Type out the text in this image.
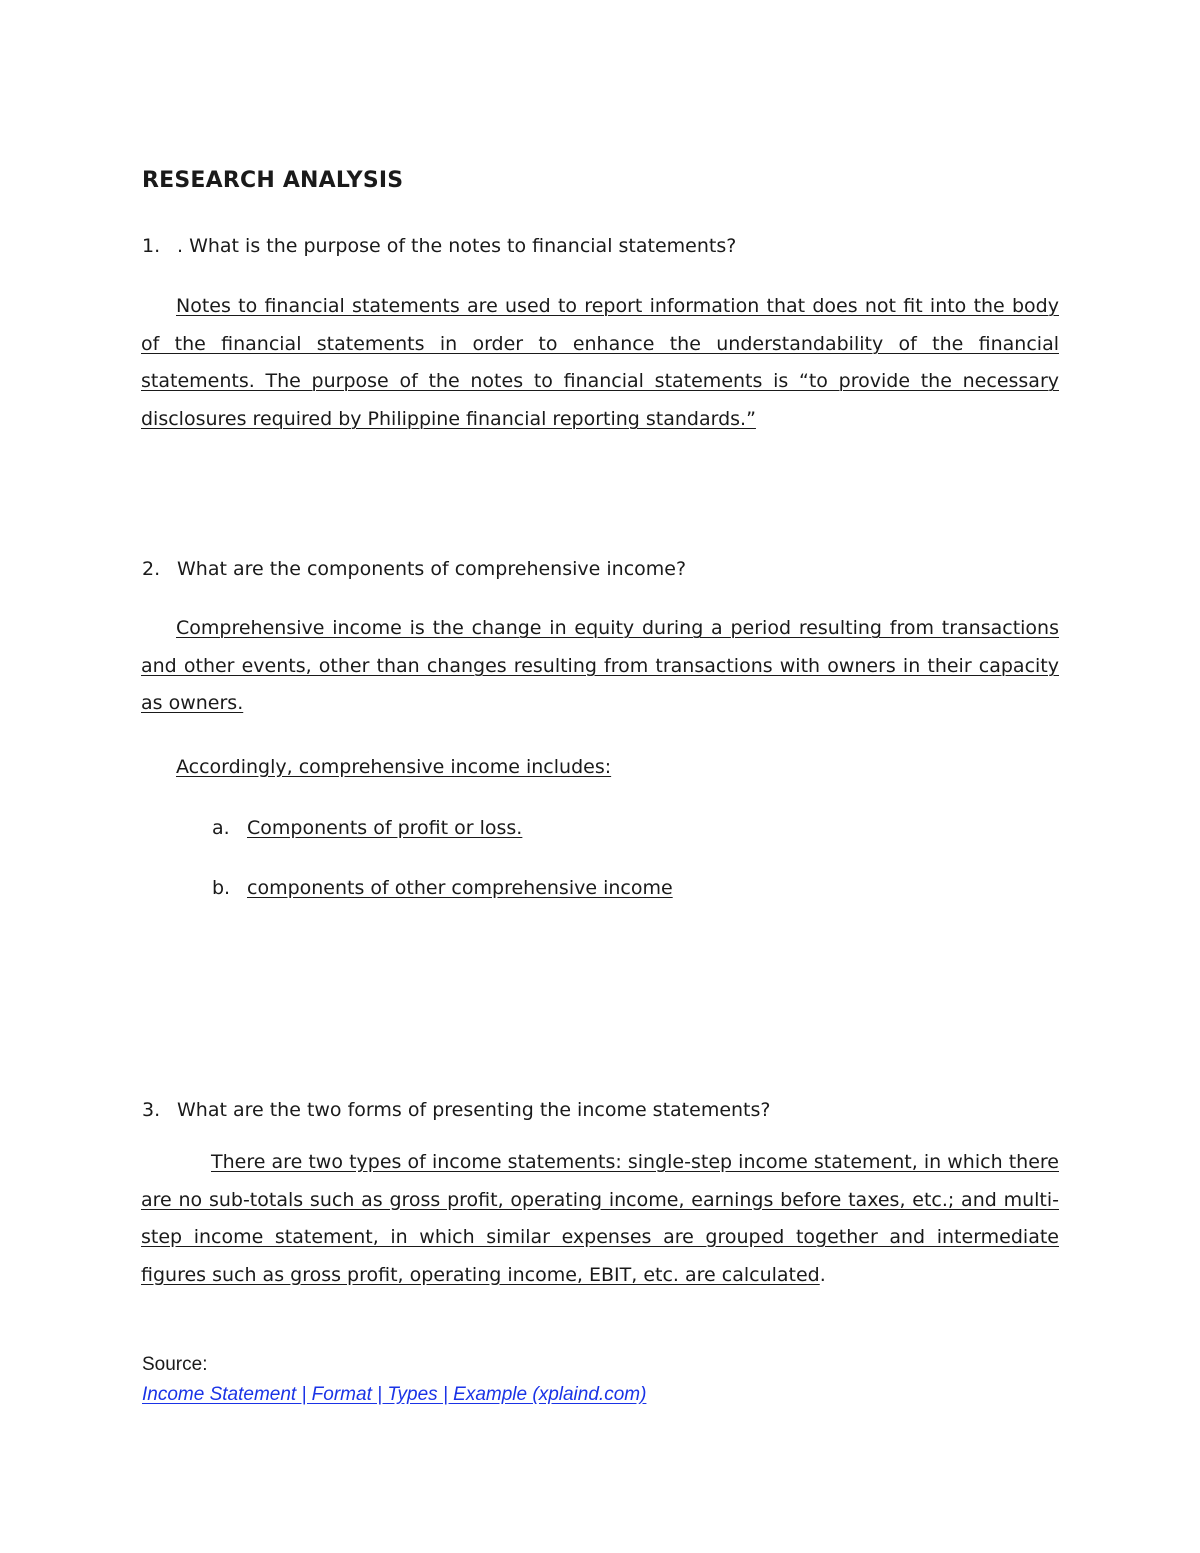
RESEARCH ANALYSIS

1. . What is the purpose of the notes to financial statements?

Notes to financial statements are used to report information that does not fit into the body of the financial statements in order to enhance the understandability of the financial statements. The purpose of the notes to financial statements is “to provide the necessary disclosures required by Philippine financial reporting standards.”

2. What are the components of comprehensive income?

Comprehensive income is the change in equity during a period resulting from transactions and other events, other than changes resulting from transactions with owners in their capacity as owners.

Accordingly, comprehensive income includes:

a. Components of profit or loss.

b. components of other comprehensive income

3. What are the two forms of presenting the income statements?

There are two types of income statements: single-step income statement, in which there are no sub-totals such as gross profit, operating income, earnings before taxes, etc.; and multi-step income statement, in which similar expenses are grouped together and intermediate figures such as gross profit, operating income, EBIT, etc. are calculated.

Source:

Income Statement | Format | Types | Example (xplaind.com)
